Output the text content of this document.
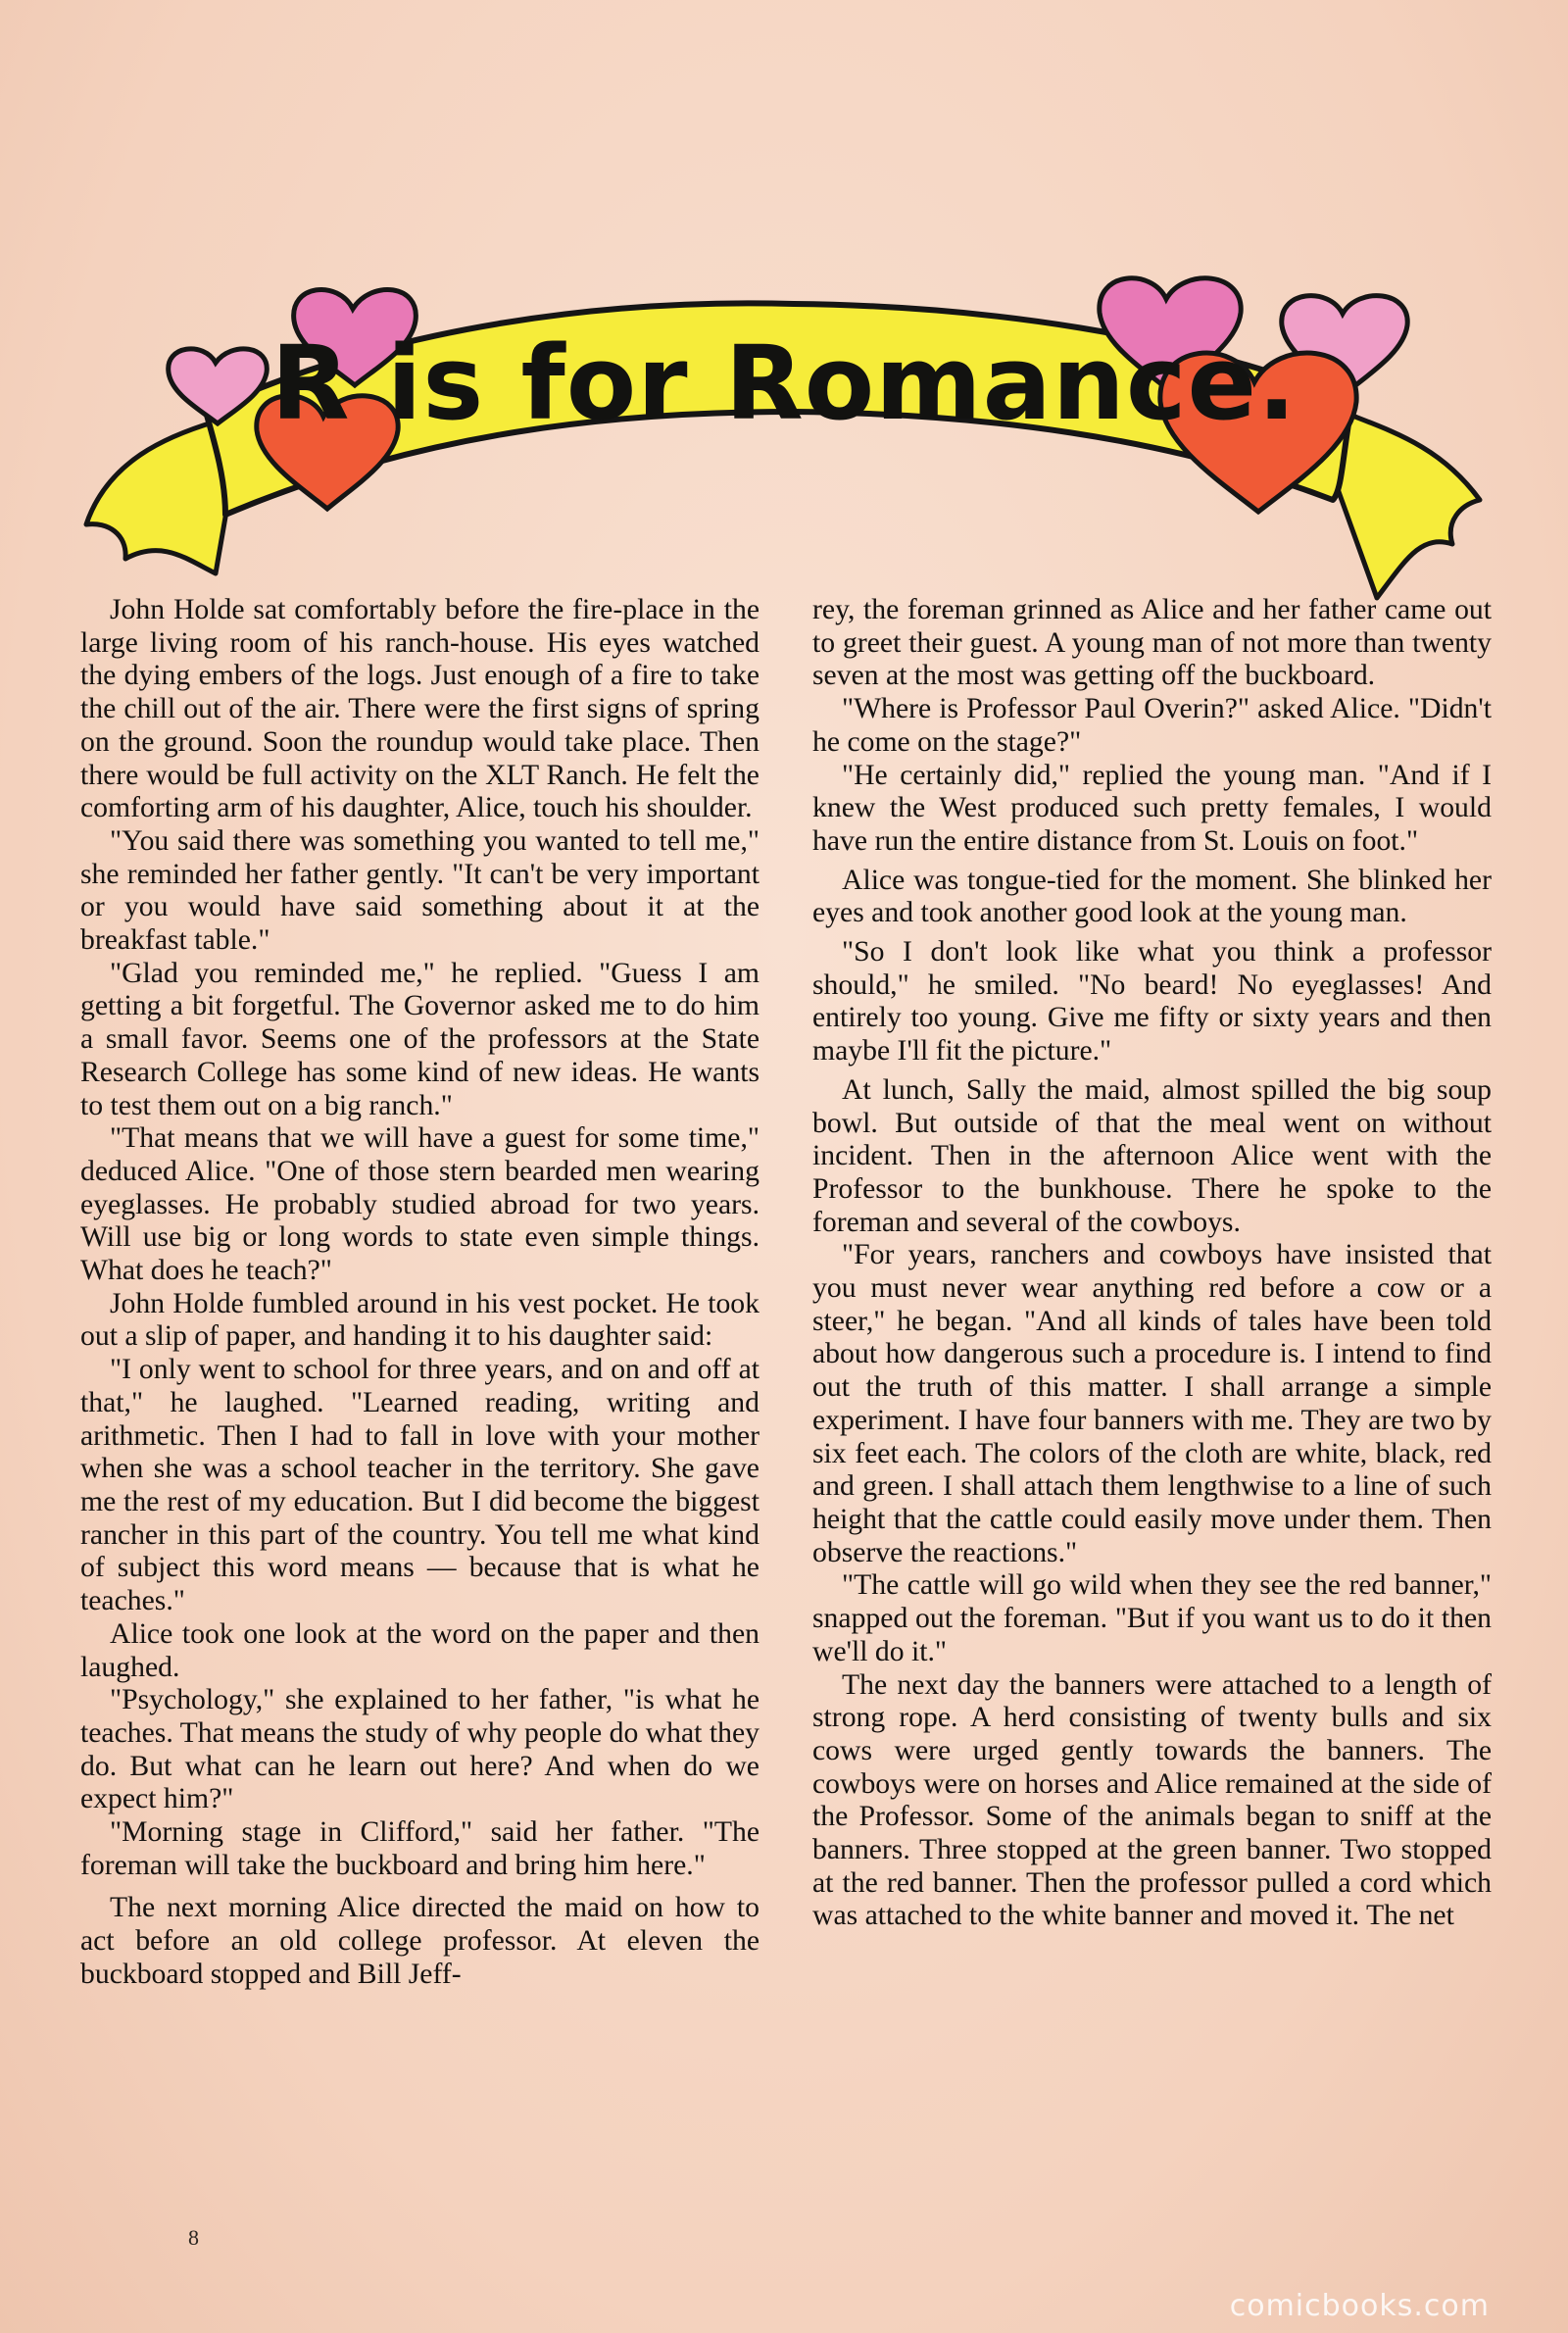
R is for Romance.

John Holde sat comfortably before the fire-place in the large living room of his ranch-house. His eyes watched the dying embers of the logs. Just enough of a fire to take the chill out of the air. There were the first signs of spring on the ground. Soon the roundup would take place. Then there would be full activity on the XLT Ranch. He felt the comforting arm of his daughter, Alice, touch his shoulder.

"You said there was something you wanted to tell me," she reminded her father gently. "It can't be very important or you would have said something about it at the breakfast table."

"Glad you reminded me," he replied. "Guess I am getting a bit forgetful. The Governor asked me to do him a small favor. Seems one of the professors at the State Research College has some kind of new ideas. He wants to test them out on a big ranch."

"That means that we will have a guest for some time," deduced Alice. "One of those stern bearded men wearing eyeglasses. He probably studied abroad for two years. Will use big or long words to state even simple things. What does he teach?"

John Holde fumbled around in his vest pocket. He took out a slip of paper, and handing it to his daughter said:

"I only went to school for three years, and on and off at that," he laughed. "Learned reading, writing and arithmetic. Then I had to fall in love with your mother when she was a school teacher in the territory. She gave me the rest of my education. But I did become the biggest rancher in this part of the country. You tell me what kind of subject this word means — because that is what he teaches."

Alice took one look at the word on the paper and then laughed.

"Psychology," she explained to her father, "is what he teaches. That means the study of why people do what they do. But what can he learn out here? And when do we expect him?"

"Morning stage in Clifford," said her father. "The foreman will take the buckboard and bring him here."

The next morning Alice directed the maid on how to act before an old college professor. At eleven the buckboard stopped and Bill Jeff-

rey, the foreman grinned as Alice and her father came out to greet their guest. A young man of not more than twenty seven at the most was getting off the buckboard.

"Where is Professor Paul Overin?" asked Alice. "Didn't he come on the stage?"

"He certainly did," replied the young man. "And if I knew the West produced such pretty females, I would have run the entire distance from St. Louis on foot."

Alice was tongue-tied for the moment. She blinked her eyes and took another good look at the young man.

"So I don't look like what you think a professor should," he smiled. "No beard! No eyeglasses! And entirely too young. Give me fifty or sixty years and then maybe I'll fit the picture."

At lunch, Sally the maid, almost spilled the big soup bowl. But outside of that the meal went on without incident. Then in the afternoon Alice went with the Professor to the bunkhouse. There he spoke to the foreman and several of the cowboys.

"For years, ranchers and cowboys have insisted that you must never wear anything red before a cow or a steer," he began. "And all kinds of tales have been told about how dangerous such a procedure is. I intend to find out the truth of this matter. I shall arrange a simple experiment. I have four banners with me. They are two by six feet each. The colors of the cloth are white, black, red and green. I shall attach them lengthwise to a line of such height that the cattle could easily move under them. Then observe the reactions."

"The cattle will go wild when they see the red banner," snapped out the foreman. "But if you want us to do it then we'll do it."

The next day the banners were attached to a length of strong rope. A herd consisting of twenty bulls and six cows were urged gently towards the banners. The cowboys were on horses and Alice remained at the side of the Professor. Some of the animals began to sniff at the banners. Three stopped at the green banner. Two stopped at the red banner. Then the professor pulled a cord which was attached to the white banner and moved it. The net

8
comicbooks.com
